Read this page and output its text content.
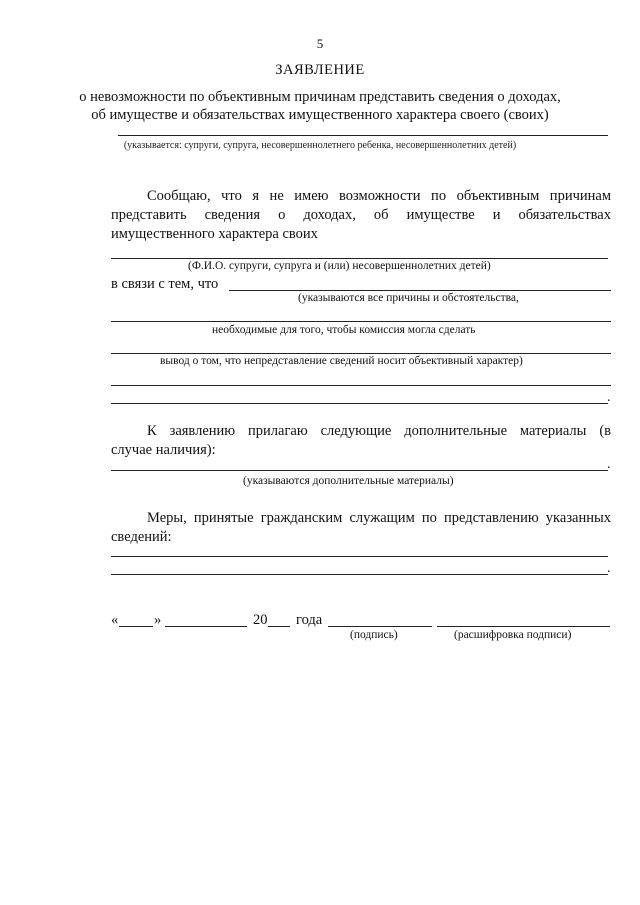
5
ЗАЯВЛЕНИЕ
о невозможности по объективным причинам представить сведения о доходах,
об имуществе и обязательствах имущественного характера своего (своих)
(указывается: супруги, супруга, несовершеннолетнего ребенка, несовершеннолетних детей)
Сообщаю, что я не имею возможности по объективным причинам
представить сведения о доходах, об имуществе и обязательствах
имущественного характера своих
(Ф.И.О. супруги, супруга и (или) несовершеннолетних детей)
в связи с тем, что
(указываются все причины и обстоятельства,
необходимые для того, чтобы комиссия могла сделать
вывод о том, что непредставление сведений носит объективный характер)
.
К заявлению прилагаю следующие дополнительные материалы (в
случае наличия):
.
(указываются дополнительные материалы)
Меры, принятые гражданским служащим по представлению указанных
сведений:
.
« »	20 года
(подпись)	(расшифровка подписи)
